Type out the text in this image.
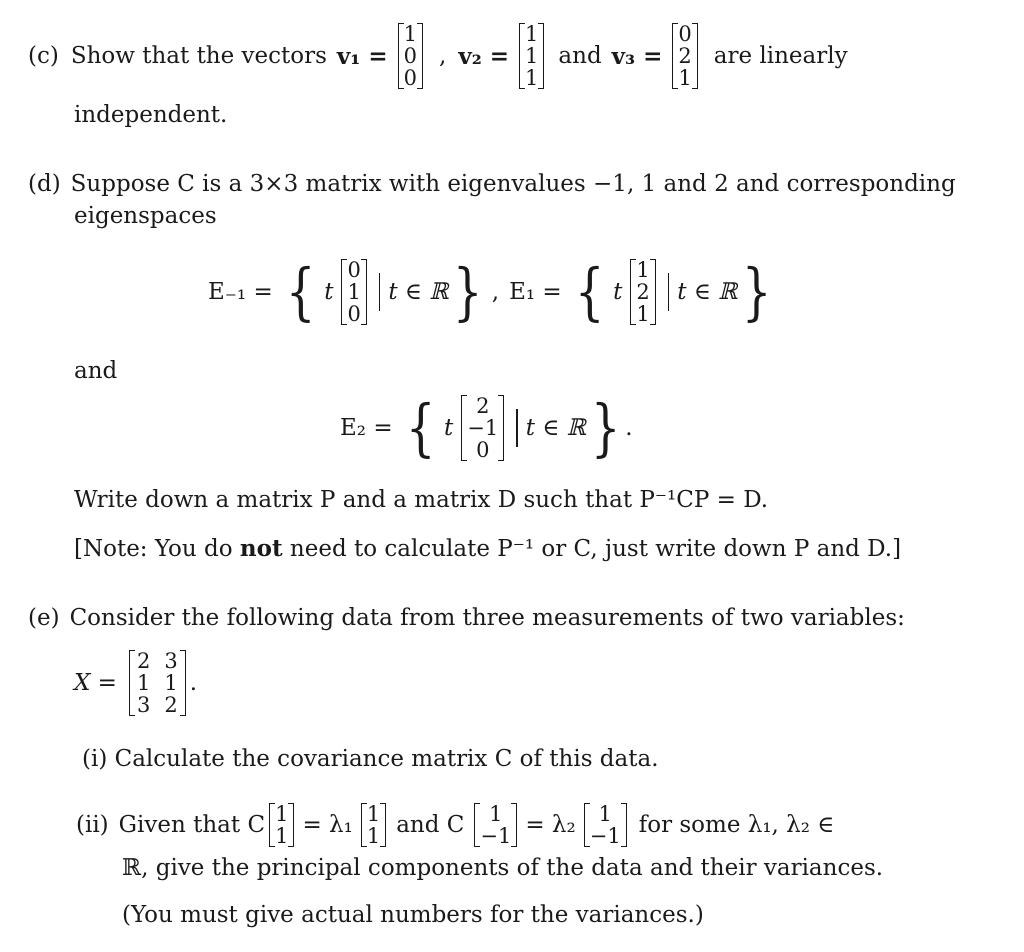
(c) Show that the vectors v₁ =
1
0
0
, v₂ =
1
1
1
and v₃ =
0
2
1
are linearly
independent.
(d) Suppose C is a 3×3 matrix with eigenvalues −1, 1 and 2 and corresponding
eigenspaces
E₋₁ = { t
0
1
0
t ∈ ℝ } , E₁ = { t
1
2
1
t ∈ ℝ }
and
E₂ = { t
2
−1
0
t ∈ ℝ } .
Write down a matrix P and a matrix D such that P⁻¹CP = D.
[Note: You do not need to calculate P⁻¹ or C, just write down P and D.]
(e) Consider the following data from three measurements of two variables:
X =
2 3
1 1
3 2
.
(i) Calculate the covariance matrix C of this data.
(ii) Given that C 1
1 = λ₁ 1
1 and C 1
−1 = λ₂ 1
−1 for some λ₁, λ₂ ∈
ℝ, give the principal components of the data and their variances.
(You must give actual numbers for the variances.)
